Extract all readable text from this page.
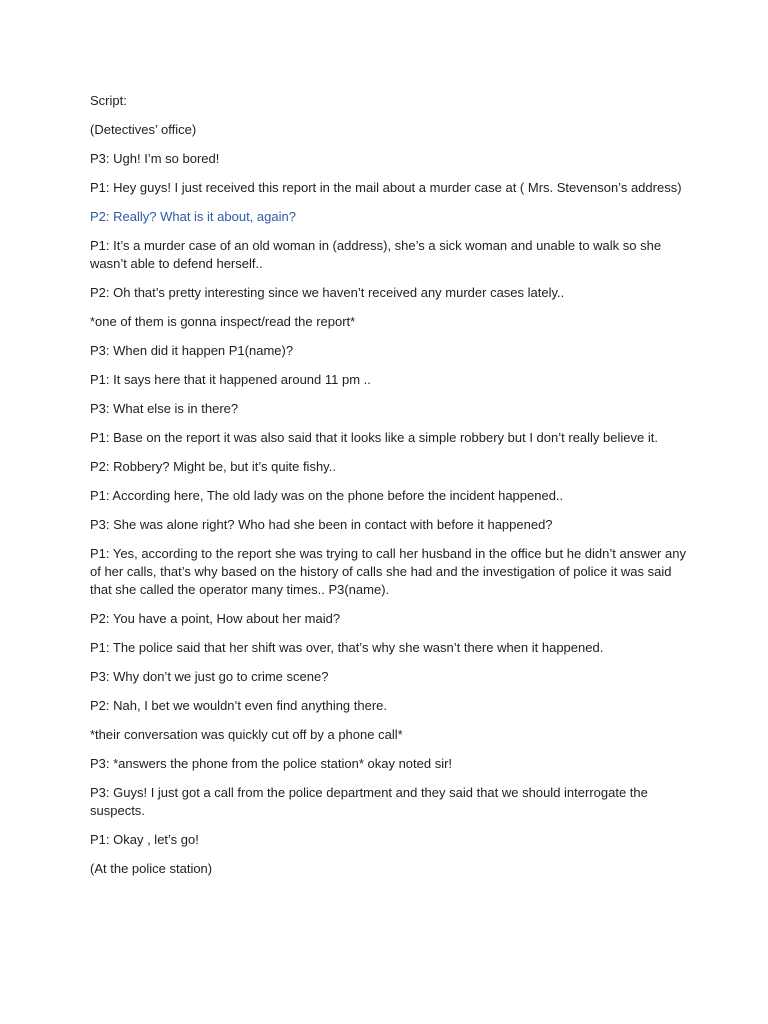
Script:

(Detectives’ office)

P3: Ugh! I’m so bored!

P1: Hey guys! I just received this report in the mail about a murder case at ( Mrs. Stevenson’s address)

P2: Really? What is it about, again?

P1: It’s a murder case of an old woman in (address), she’s a sick woman and unable to walk so she wasn’t able to defend herself..

P2: Oh that’s pretty interesting since we haven’t received any murder cases lately..

*one of them is gonna inspect/read the report*

P3: When did it happen P1(name)?

P1: It says here that it happened around 11 pm ..

P3: What else is in there?

P1: Base on the report it was also said that it looks like a simple robbery but I don’t really believe it.

P2: Robbery? Might be, but it’s quite fishy..

P1: According here, The old lady was on the phone before the incident happened..

P3: She was alone right? Who had she been in contact with before it happened?

P1: Yes, according to the report she was trying to call her husband in the office but he didn’t answer any of her calls, that’s why based on the history of calls she had and the investigation of police it was said that she called the operator many times.. P3(name).

P2: You have a point, How about her maid?

P1: The police said that her shift was over, that’s why she wasn’t there when it happened.

P3: Why don’t we just go to crime scene?

P2: Nah, I bet we wouldn’t even find anything there.

*their conversation was quickly cut off by a phone call*

P3: *answers the phone from the police station* okay noted sir!

P3: Guys! I just got a call from the police department and they said that we should interrogate the suspects.

P1: Okay , let’s go!

(At the police station)
